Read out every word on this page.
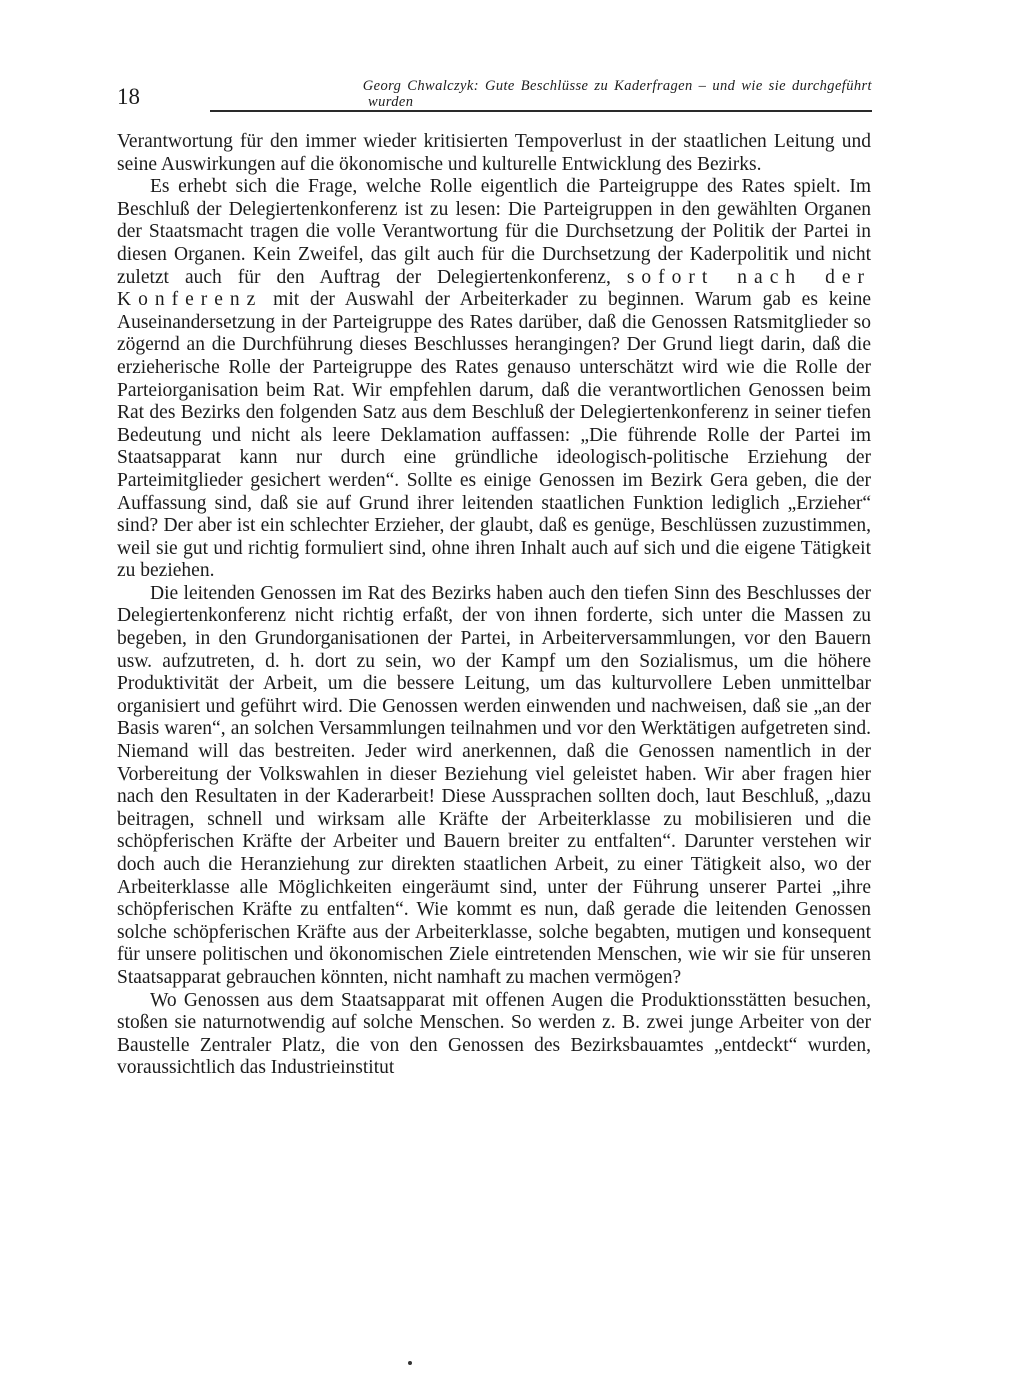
18	Georg Chwalczyk: Gute Beschlüsse zu Kaderfragen – und wie sie durchgeführt
wurden

Verantwortung für den immer wieder kritisierten Tempoverlust in der staatlichen Leitung und seine Auswirkungen auf die ökonomische und kulturelle Entwicklung des Bezirks.

Es erhebt sich die Frage, welche Rolle eigentlich die Parteigruppe des Rates spielt. Im Beschluß der Delegiertenkonferenz ist zu lesen: Die Parteigruppen in den gewählten Organen der Staatsmacht tragen die volle Verantwortung für die Durchsetzung der Politik der Partei in diesen Organen. Kein Zweifel, das gilt auch für die Durchsetzung der Kaderpolitik und nicht zuletzt auch für den Auftrag der Delegiertenkonferenz, sofort nach der Konferenz mit der Auswahl der Arbeiterkader zu beginnen. Warum gab es keine Auseinandersetzung in der Parteigruppe des Rates darüber, daß die Genossen Ratsmitglieder so zögernd an die Durchführung dieses Beschlusses herangingen? Der Grund liegt darin, daß die erzieherische Rolle der Parteigruppe des Rates genauso unterschätzt wird wie die Rolle der Parteiorganisation beim Rat. Wir empfehlen darum, daß die verantwortlichen Genossen beim Rat des Bezirks den folgenden Satz aus dem Beschluß der Delegiertenkonferenz in seiner tiefen Bedeutung und nicht als leere Deklamation auffassen: „Die führende Rolle der Partei im Staatsapparat kann nur durch eine gründliche ideologisch-politische Erziehung der Parteimitglieder gesichert werden“. Sollte es einige Genossen im Bezirk Gera geben, die der Auffassung sind, daß sie auf Grund ihrer leitenden staatlichen Funktion lediglich „Erzieher“ sind? Der aber ist ein schlechter Erzieher, der glaubt, daß es genüge, Beschlüssen zuzustimmen, weil sie gut und richtig formuliert sind, ohne ihren Inhalt auch auf sich und die eigene Tätigkeit zu beziehen.

Die leitenden Genossen im Rat des Bezirks haben auch den tiefen Sinn des Beschlusses der Delegiertenkonferenz nicht richtig erfaßt, der von ihnen forderte, sich unter die Massen zu begeben, in den Grundorganisationen der Partei, in Arbeiterversammlungen, vor den Bauern usw. aufzutreten, d. h. dort zu sein, wo der Kampf um den Sozialismus, um die höhere Produktivität der Arbeit, um die bessere Leitung, um das kulturvollere Leben unmittelbar organisiert und geführt wird. Die Genossen werden einwenden und nachweisen, daß sie „an der Basis waren“, an solchen Versammlungen teilnahmen und vor den Werktätigen aufgetreten sind. Niemand will das bestreiten. Jeder wird anerkennen, daß die Genossen namentlich in der Vorbereitung der Volkswahlen in dieser Beziehung viel geleistet haben. Wir aber fragen hier nach den Resultaten in der Kaderarbeit! Diese Aussprachen sollten doch, laut Beschluß, „dazu beitragen, schnell und wirksam alle Kräfte der Arbeiterklasse zu mobilisieren und die schöpferischen Kräfte der Arbeiter und Bauern breiter zu entfalten“. Darunter verstehen wir doch auch die Heranziehung zur direkten staatlichen Arbeit, zu einer Tätigkeit also, wo der Arbeiterklasse alle Möglichkeiten eingeräumt sind, unter der Führung unserer Partei „ihre schöpferischen Kräfte zu entfalten“. Wie kommt es nun, daß gerade die leitenden Genossen solche schöpferischen Kräfte aus der Arbeiterklasse, solche begabten, mutigen und konsequent für unsere politischen und ökonomischen Ziele eintretenden Menschen, wie wir sie für unseren Staatsapparat gebrauchen könnten, nicht namhaft zu machen vermögen?

Wo Genossen aus dem Staatsapparat mit offenen Augen die Produktionsstätten besuchen, stoßen sie naturnotwendig auf solche Menschen. So werden z. B. zwei junge Arbeiter von der Baustelle Zentraler Platz, die von den Genossen des Bezirksbauamtes „entdeckt“ wurden, voraussichtlich das Industrieinstitut
